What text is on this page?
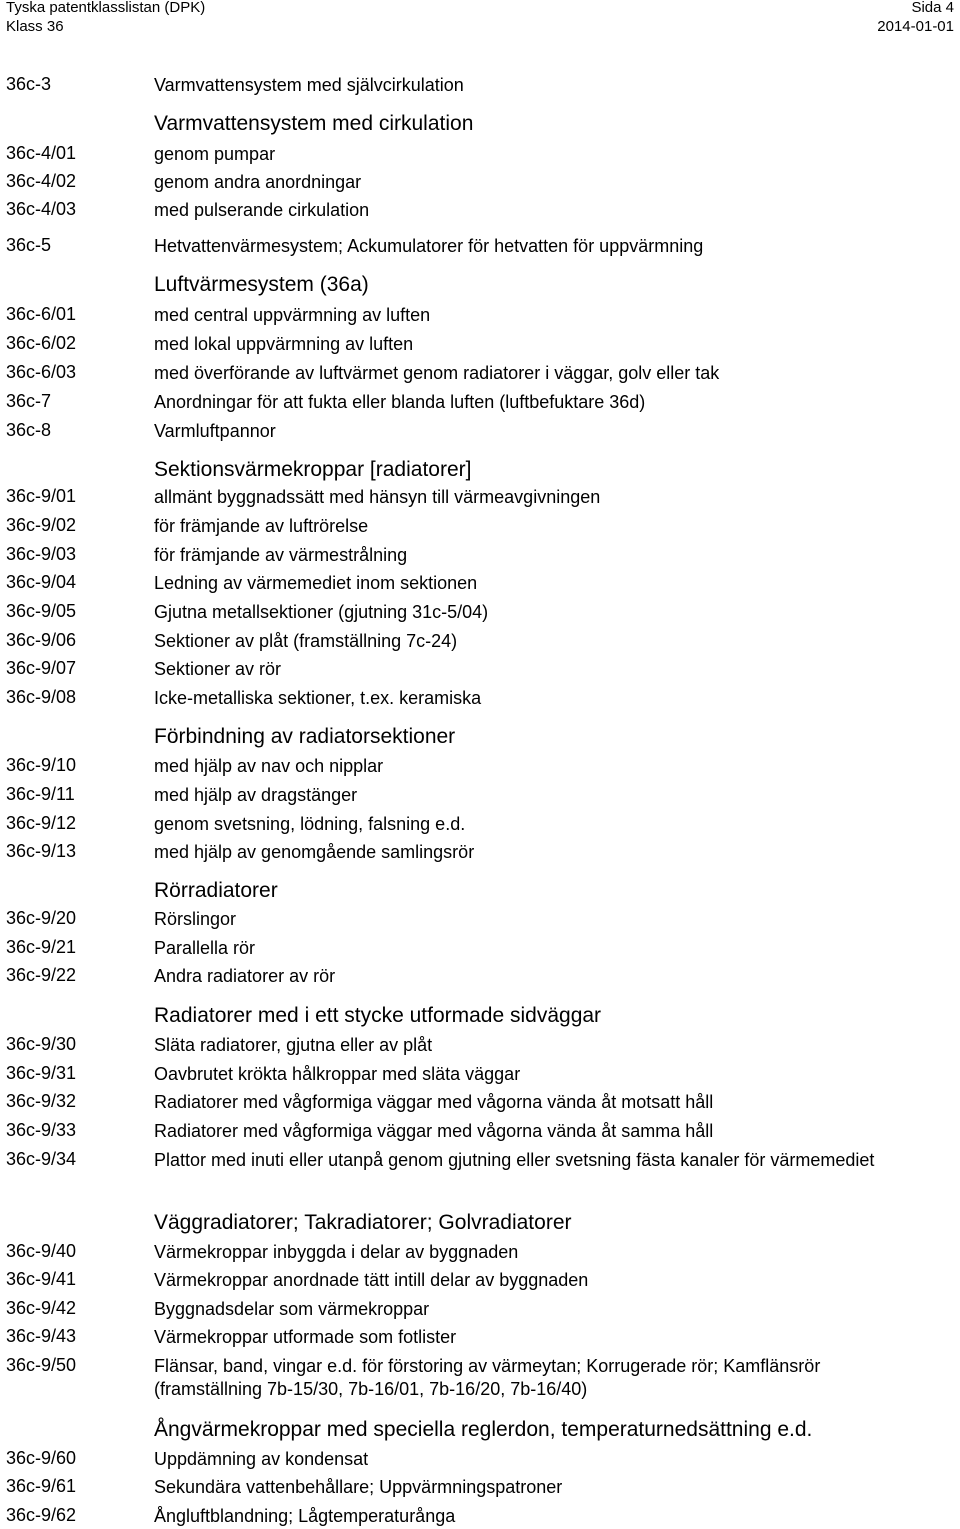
Tyska patentklasslistan (DPK)	Sida 4
Klass 36	2014-01-01
36c-3	Varmvattensystem med självcirkulation
Varmvattensystem med cirkulation
36c-4/01	genom pumpar
36c-4/02	genom andra anordningar
36c-4/03	med pulserande cirkulation
36c-5	Hetvattenvärmesystem; Ackumulatorer för hetvatten för uppvärmning
Luftvärmesystem (36a)
36c-6/01	med central uppvärmning av luften
36c-6/02	med lokal uppvärmning av luften
36c-6/03	med överförande av luftvärmet genom radiatorer i väggar, golv eller tak
36c-7	Anordningar för att fukta eller blanda luften (luftbefuktare 36d)
36c-8	Varmluftpannor
Sektionsvärmekroppar [radiatorer]
36c-9/01	allmänt byggnadssätt med hänsyn till värmeavgivningen
36c-9/02	för främjande av luftrörelse
36c-9/03	för främjande av värmestrålning
36c-9/04	Ledning av värmemediet inom sektionen
36c-9/05	Gjutna metallsektioner (gjutning 31c-5/04)
36c-9/06	Sektioner av plåt (framställning 7c-24)
36c-9/07	Sektioner av rör
36c-9/08	Icke-metalliska sektioner, t.ex. keramiska
Förbindning av radiatorsektioner
36c-9/10	med hjälp av nav och nipplar
36c-9/11	med hjälp av dragstänger
36c-9/12	genom svetsning, lödning, falsning e.d.
36c-9/13	med hjälp av genomgående samlingsrör
Rörradiatorer
36c-9/20	Rörslingor
36c-9/21	Parallella rör
36c-9/22	Andra radiatorer av rör
Radiatorer med i ett stycke utformade sidväggar
36c-9/30	Släta radiatorer, gjutna eller av plåt
36c-9/31	Oavbrutet krökta hålkroppar med släta väggar
36c-9/32	Radiatorer med vågformiga väggar med vågorna vända åt motsatt håll
36c-9/33	Radiatorer med vågformiga väggar med vågorna vända åt samma håll
36c-9/34	Plattor med inuti eller utanpå genom gjutning eller svetsning fästa kanaler för värmemediet
Väggradiatorer; Takradiatorer; Golvradiatorer
36c-9/40	Värmekroppar inbyggda i delar av byggnaden
36c-9/41	Värmekroppar anordnade tätt intill delar av byggnaden
36c-9/42	Byggnadsdelar som värmekroppar
36c-9/43	Värmekroppar utformade som fotlister
36c-9/50	Flänsar, band, vingar e.d. för förstoring av värmeytan; Korrugerade rör; Kamflänsrör (framställning 7b-15/30, 7b-16/01, 7b-16/20, 7b-16/40)
Ångvärmekroppar med speciella reglerdon, temperaturnedsättning e.d.
36c-9/60	Uppdämning av kondensat
36c-9/61	Sekundära vattenbehållare; Uppvärmningspatroner
36c-9/62	Ångluftblandning; Lågtemperaturånga
